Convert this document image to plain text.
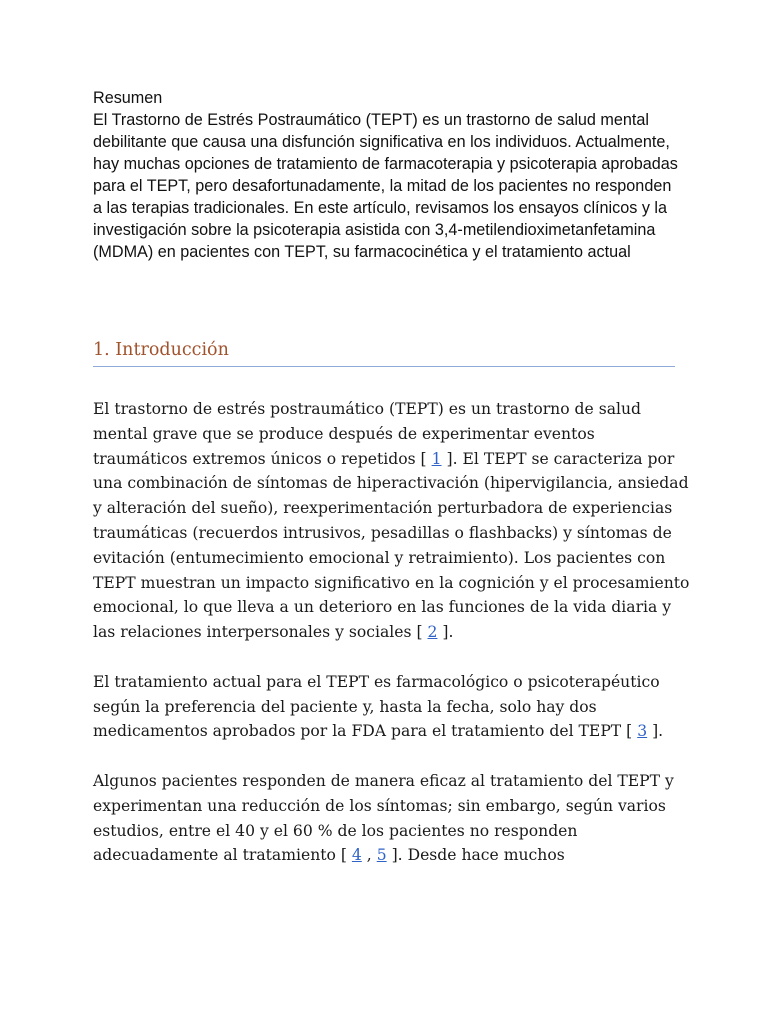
Resumen

El Trastorno de Estrés Postraumático (TEPT) es un trastorno de salud mental debilitante que causa una disfunción significativa en los individuos. Actualmente, hay muchas opciones de tratamiento de farmacoterapia y psicoterapia aprobadas para el TEPT, pero desafortunadamente, la mitad de los pacientes no responden a las terapias tradicionales. En este artículo, revisamos los ensayos clínicos y la investigación sobre la psicoterapia asistida con 3,4-metilendioximetanfetamina (MDMA) en pacientes con TEPT, su farmacocinética y el tratamiento actual

1. Introducción

El trastorno de estrés postraumático (TEPT) es un trastorno de salud mental grave que se produce después de experimentar eventos traumáticos extremos únicos o repetidos [ 1 ]. El TEPT se caracteriza por una combinación de síntomas de hiperactivación (hipervigilancia, ansiedad y alteración del sueño), reexperimentación perturbadora de experiencias traumáticas (recuerdos intrusivos, pesadillas o flashbacks) y síntomas de evitación (entumecimiento emocional y retraimiento). Los pacientes con TEPT muestran un impacto significativo en la cognición y el procesamiento emocional, lo que lleva a un deterioro en las funciones de la vida diaria y las relaciones interpersonales y sociales [ 2 ].

El tratamiento actual para el TEPT es farmacológico o psicoterapéutico según la preferencia del paciente y, hasta la fecha, solo hay dos medicamentos aprobados por la FDA para el tratamiento del TEPT [ 3 ].

Algunos pacientes responden de manera eficaz al tratamiento del TEPT y experimentan una reducción de los síntomas; sin embargo, según varios estudios, entre el 40 y el 60 % de los pacientes no responden adecuadamente al tratamiento [ 4 , 5 ]. Desde hace muchos
